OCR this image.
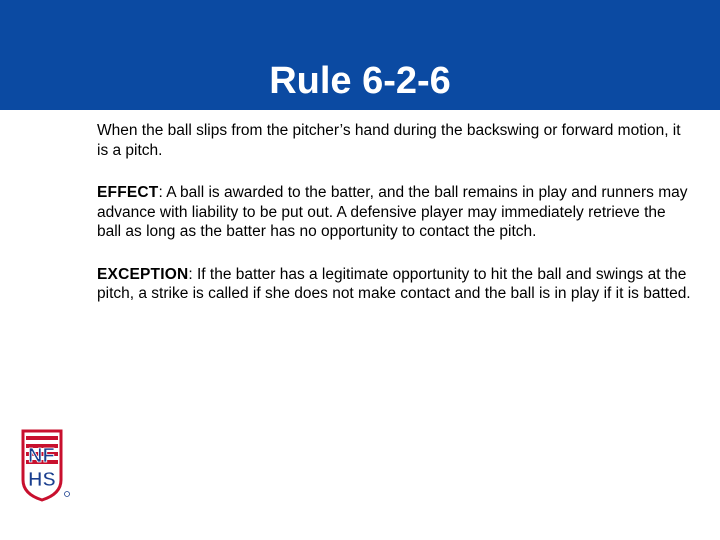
Rule 6-2-6

When the ball slips from the pitcher’s hand during the backswing or forward motion, it is a pitch.

EFFECT: A ball is awarded to the batter, and the ball remains in play and runners may advance with liability to be put out. A defensive player may immediately retrieve the ball as long as the batter has no opportunity to contact the pitch.

EXCEPTION: If the batter has a legitimate opportunity to hit the ball and swings at the pitch, a strike is called if she does not make contact and the ball is in play if it is batted.

NF
HS
